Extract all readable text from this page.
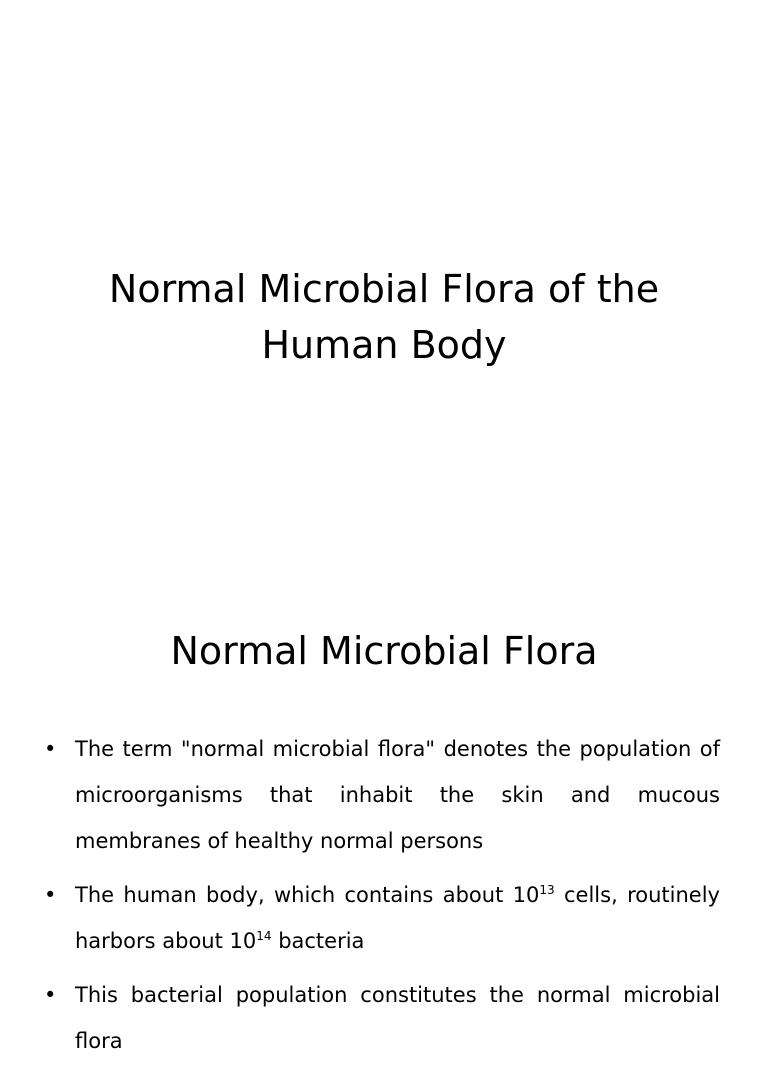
Normal Microbial Flora of the
Human Body
Normal Microbial Flora
• The term "normal microbial flora" denotes the population of microorganisms that inhabit the skin and mucous membranes of healthy normal persons
• The human body, which contains about $10^{13}$ cells, routinely harbors about $10^{14}$ bacteria
• This bacterial population constitutes the normal microbial flora
